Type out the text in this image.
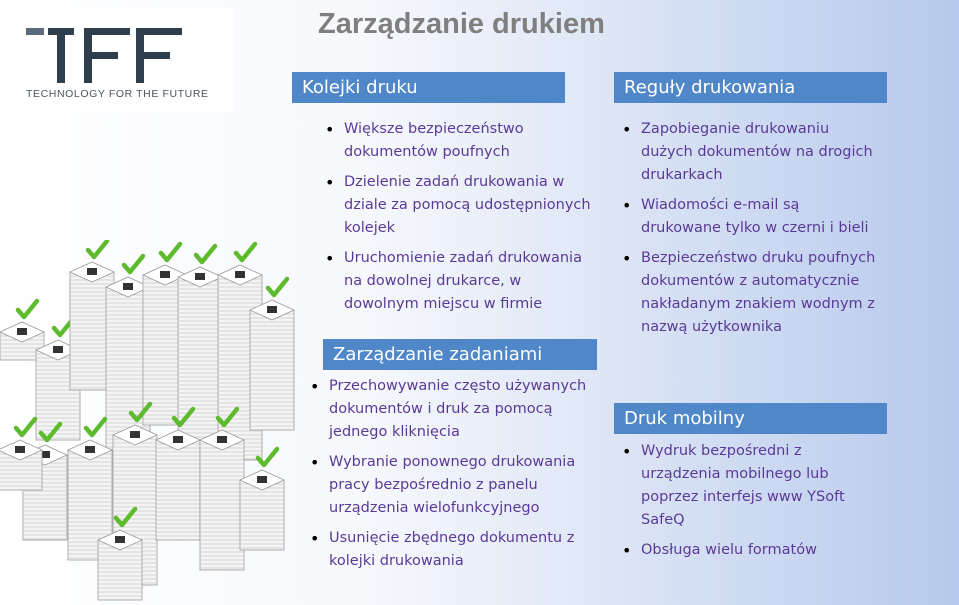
TECHNOLOGY FOR THE FUTURE
Zarządzanie drukiem
Kolejki druku
• Większe bezpieczeństwo dokumentów poufnych
• Dzielenie zadań drukowania w dziale za pomocą udostępnionych kolejek
• Uruchomienie zadań drukowania na dowolnej drukarce, w dowolnym miejscu w firmie
Zarządzanie zadaniami
• Przechowywanie często używanych dokumentów i druk za pomocą jednego kliknięcia
• Wybranie ponownego drukowania pracy bezpośrednio z panelu urządzenia wielofunkcyjnego
• Usunięcie zbędnego dokumentu z kolejki drukowania
Reguły drukowania
• Zapobieganie drukowaniu dużych dokumentów na drogich drukarkach
• Wiadomości e-mail są drukowane tylko w czerni i bieli
• Bezpieczeństwo druku poufnych dokumentów z automatycznie nakładanym znakiem wodnym z nazwą użytkownika
Druk mobilny
• Wydruk bezpośredni z urządzenia mobilnego lub poprzez interfejs www YSoft SafeQ
• Obsługa wielu formatów
